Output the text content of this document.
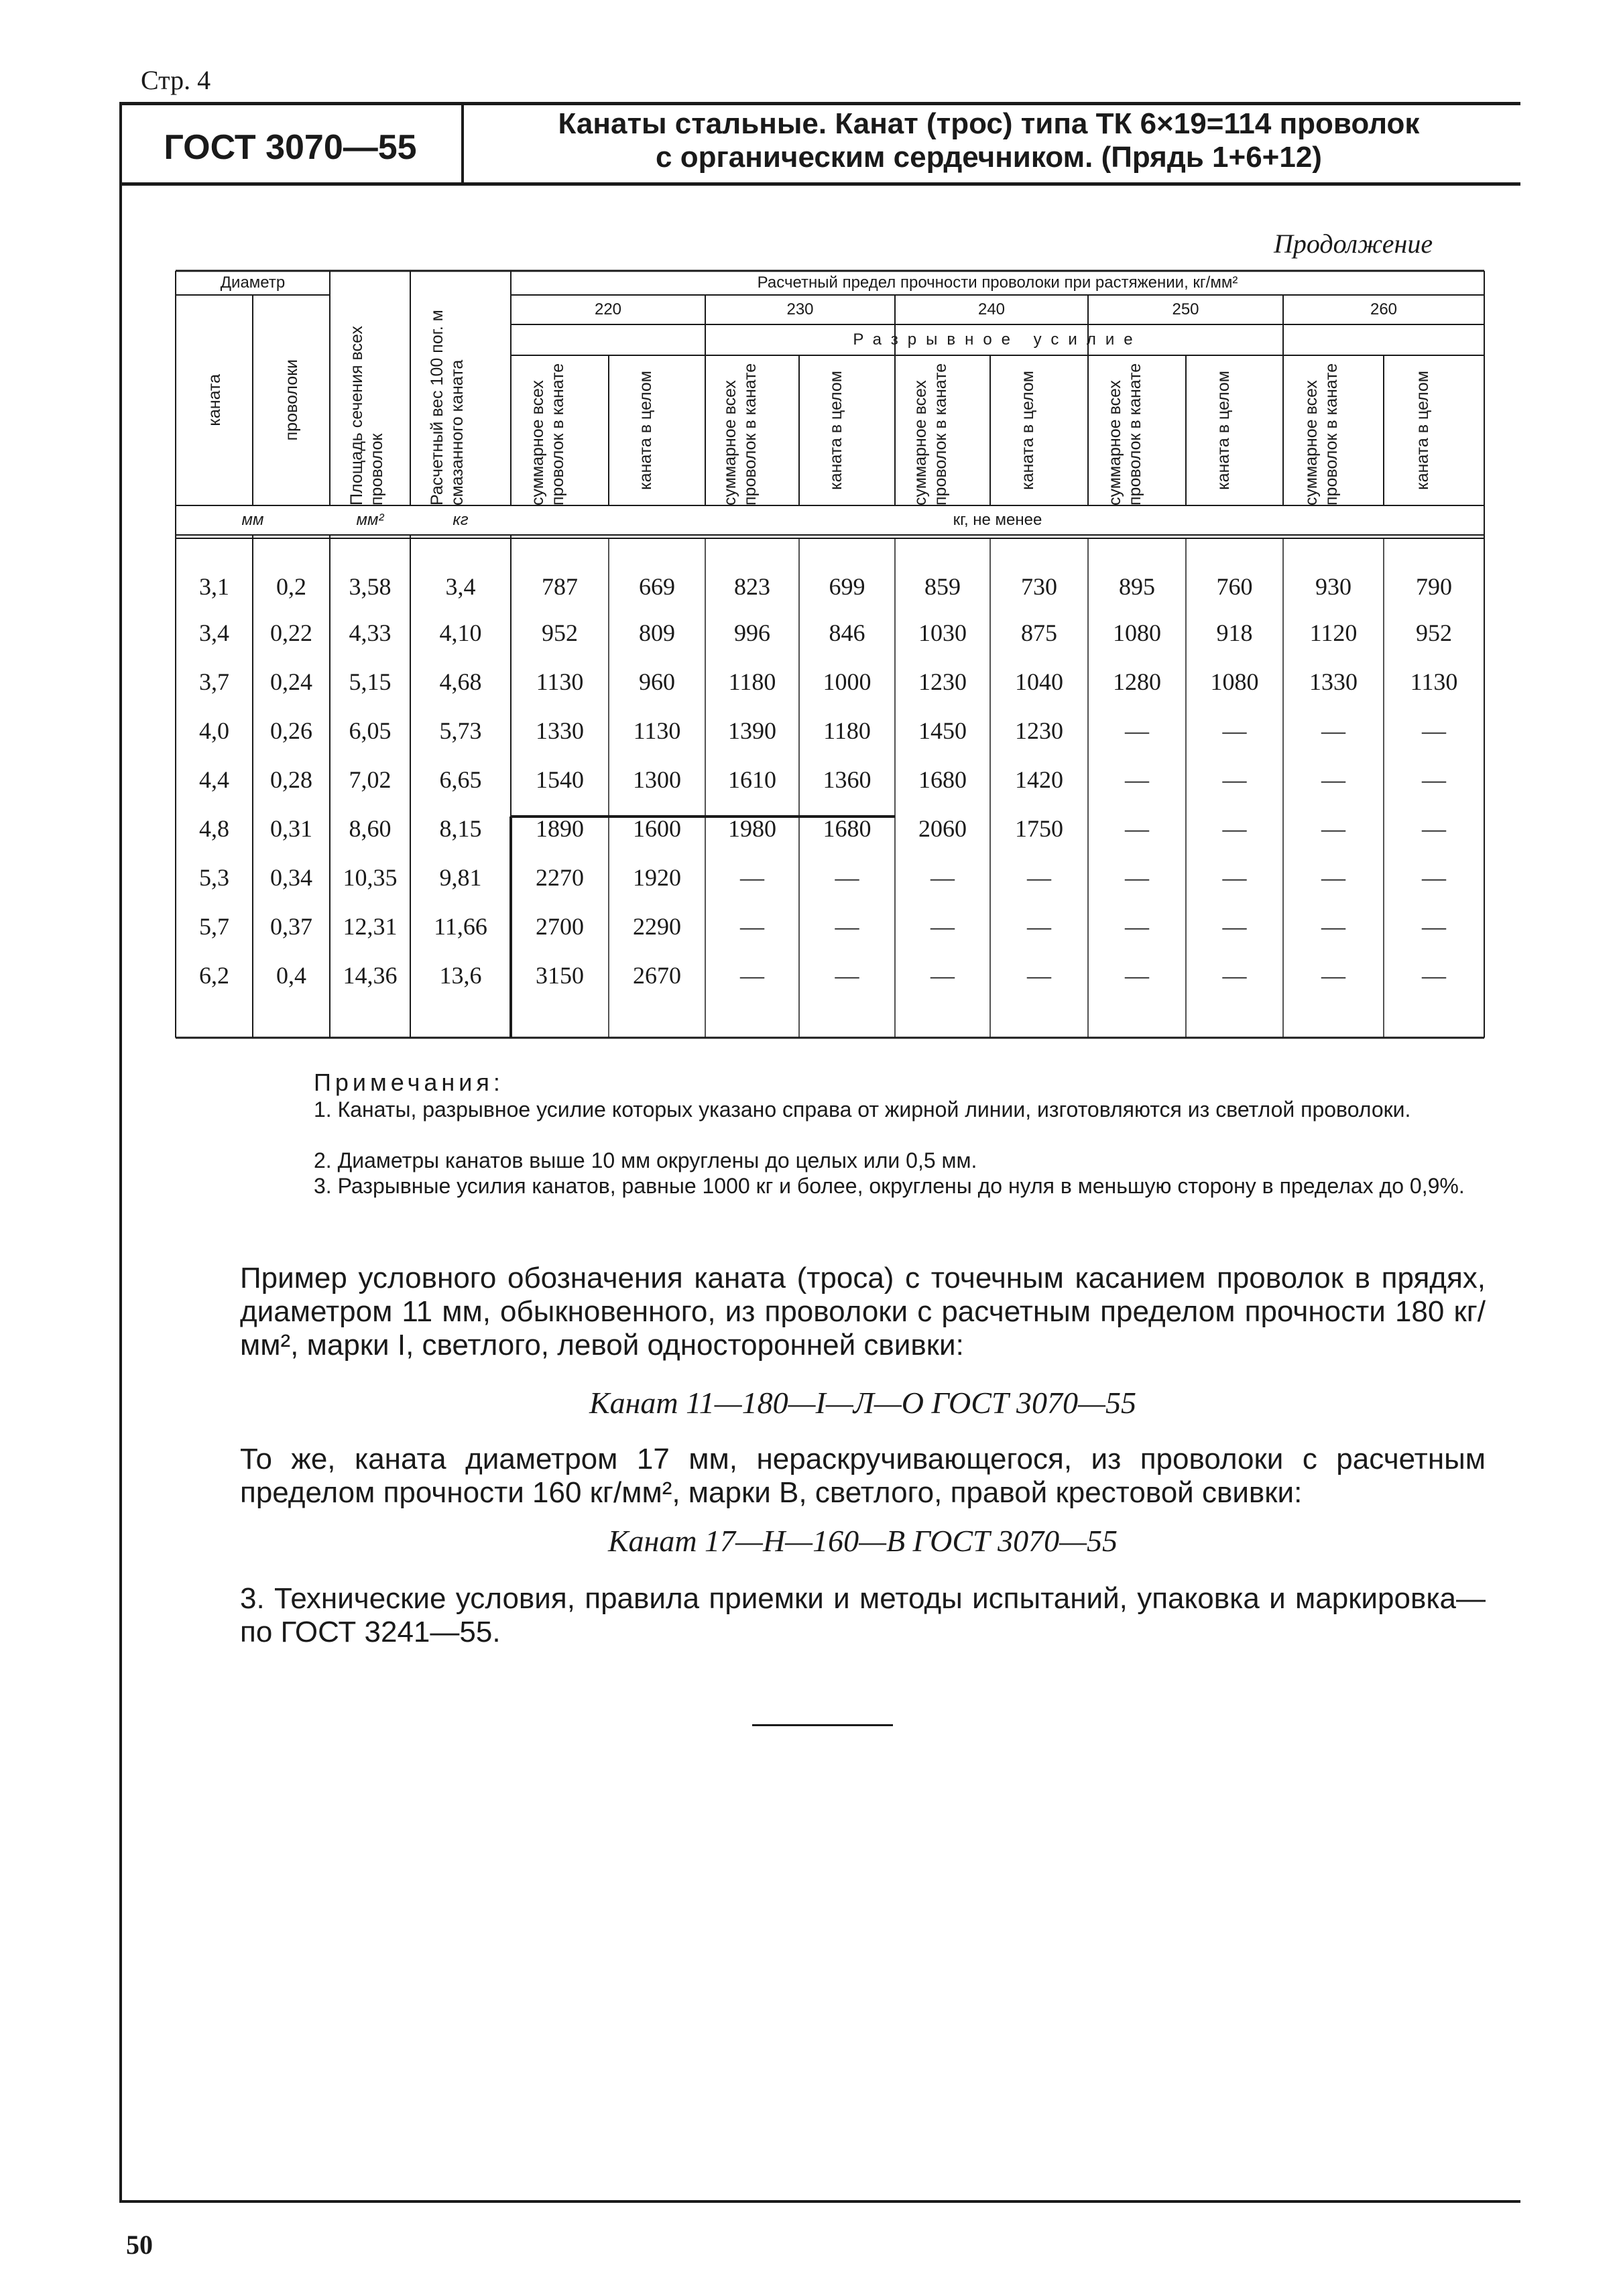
Стр. 4
ГОСТ 3070—55
Канаты стальные. Канат (трос) типа ТК 6×19=114 проволок
с органическим сердечником. (Прядь 1+6+12)
Продолжение
Диаметр	Расчетный предел прочности проволоки при растяжении, кг/мм²
Разрывное усилие
каната	проволоки	Площадь сечения всех проволок	Расчетный вес 100 пог. м смазанного каната
220	230	240	250	260
суммарное всех проволок в канате	каната в целом	суммарное всех проволок в канате	каната в целом	суммарное всех проволок в канате	каната в целом	суммарное всех проволок в канате	каната в целом	суммарное всех проволок в канате	каната в целом
мм	мм²	кг	кг, не менее
3,1	0,2	3,58	3,4	787	669	823	699	859	730	895	760	930	790
3,4	0,22	4,33	4,10	952	809	996	846	1030	875	1080	918	1120	952
3,7	0,24	5,15	4,68	1130	960	1180	1000	1230	1040	1280	1080	1330	1130
4,0	0,26	6,05	5,73	1330	1130	1390	1180	1450	1230	—	—	—	—
4,4	0,28	7,02	6,65	1540	1300	1610	1360	1680	1420	—	—	—	—
4,8	0,31	8,60	8,15	1890	1600	1980	1680	2060	1750	—	—	—	—
5,3	0,34	10,35	9,81	2270	1920	—	—	—	—	—	—	—	—
5,7	0,37	12,31	11,66	2700	2290	—	—	—	—	—	—	—	—
6,2	0,4	14,36	13,6	3150	2670	—	—	—	—	—	—	—	—
Примечания:
1. Канаты, разрывное усилие которых указано справа от жирной линии, изготовляются из светлой проволоки.
2. Диаметры канатов выше 10 мм округлены до целых или 0,5 мм.
3. Разрывные усилия канатов, равные 1000 кг и более, округлены до нуля в меньшую сторону в пределах до 0,9%.
Пример условного обозначения каната (троса) с точечным касанием проволок в прядях, диаметром 11 мм, обыкновенного, из проволоки с расчетным пределом прочности 180 кг/мм², марки I, светлого, левой односторонней свивки:
Канат 11—180—I—Л—О ГОСТ 3070—55
То же, каната диаметром 17 мм, нераскручивающегося, из проволоки с расчетным пределом прочности 160 кг/мм², марки В, светлого, правой крестовой свивки:
Канат 17—Н—160—В ГОСТ 3070—55
3. Технические условия, правила приемки и методы испытаний, упаковка и маркировка—по ГОСТ 3241—55.
50
